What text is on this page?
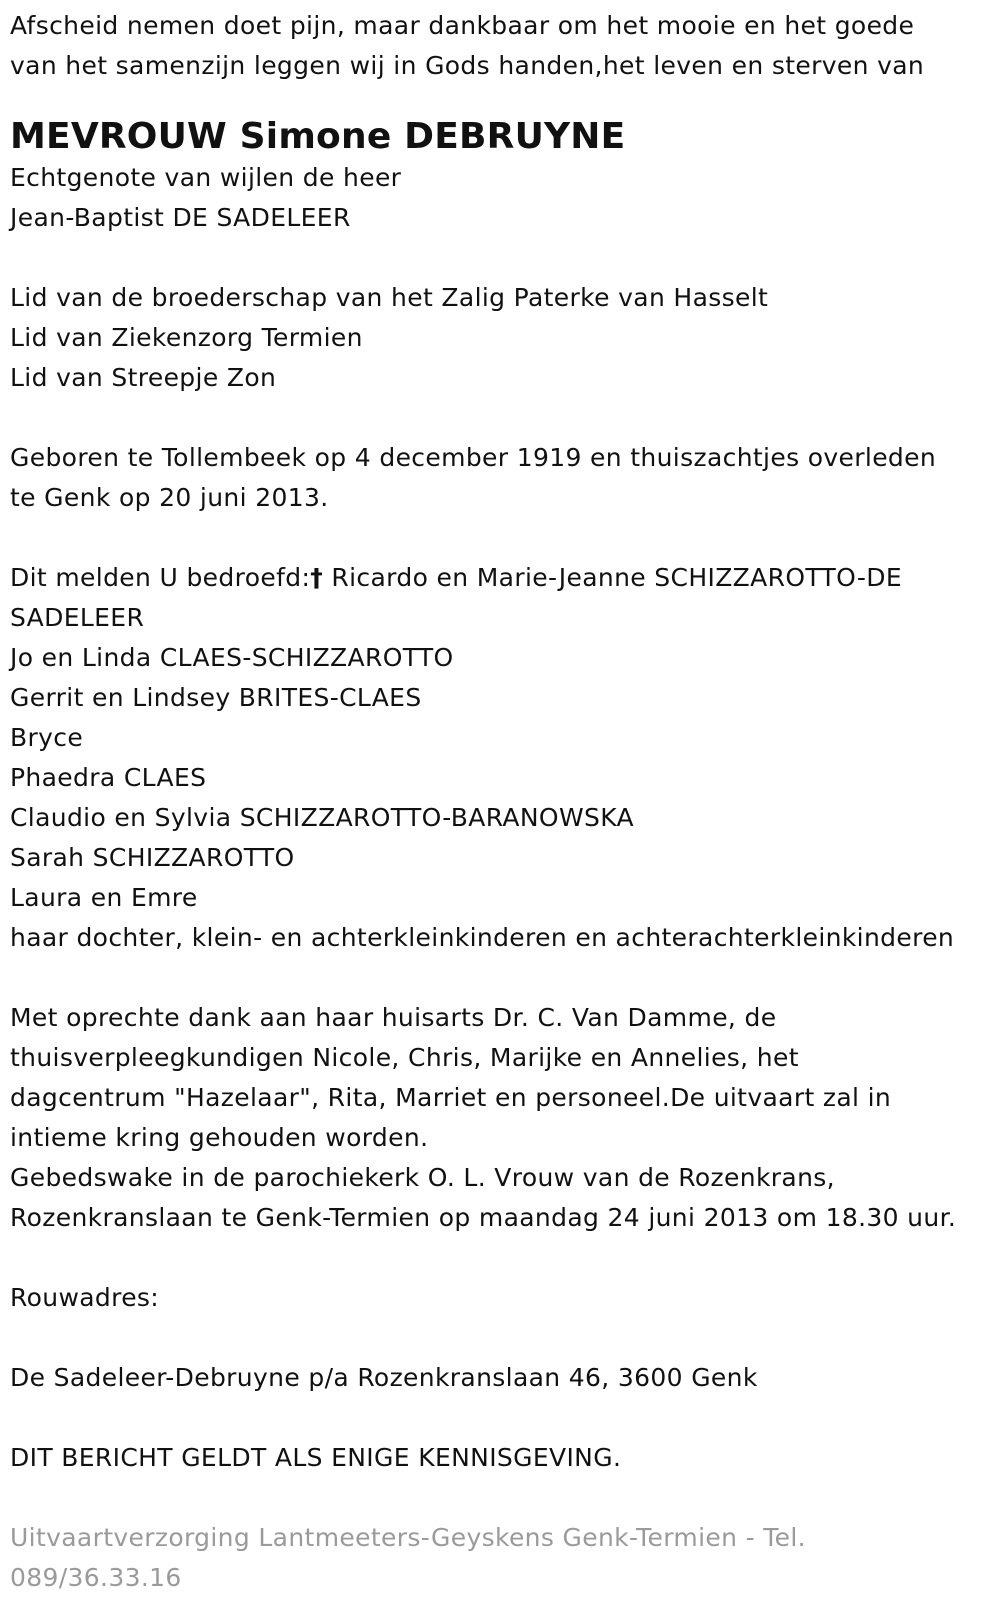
Afscheid nemen doet pijn, maar dankbaar om het mooie en het goede
van het samenzijn leggen wij in Gods handen,het leven en sterven van
MEVROUW Simone DEBRUYNE
Echtgenote van wijlen de heer
Jean-Baptist DE SADELEER
Lid van de broederschap van het Zalig Paterke van Hasselt
Lid van Ziekenzorg Termien
Lid van Streepje Zon
Geboren te Tollembeek op 4 december 1919 en thuiszachtjes overleden
te Genk op 20 juni 2013.
Dit melden U bedroefd:† Ricardo en Marie-Jeanne SCHIZZAROTTO-DE
SADELEER
Jo en Linda CLAES-SCHIZZAROTTO
Gerrit en Lindsey BRITES-CLAES
Bryce
Phaedra CLAES
Claudio en Sylvia SCHIZZAROTTO-BARANOWSKA
Sarah SCHIZZAROTTO
Laura en Emre
haar dochter, klein- en achterkleinkinderen en achterachterkleinkinderen
Met oprechte dank aan haar huisarts Dr. C. Van Damme, de
thuisverpleegkundigen Nicole, Chris, Marijke en Annelies, het
dagcentrum "Hazelaar", Rita, Marriet en personeel.De uitvaart zal in
intieme kring gehouden worden.
Gebedswake in de parochiekerk O. L. Vrouw van de Rozenkrans,
Rozenkranslaan te Genk-Termien op maandag 24 juni 2013 om 18.30 uur.
Rouwadres:
De Sadeleer-Debruyne p/a Rozenkranslaan 46, 3600 Genk
DIT BERICHT GELDT ALS ENIGE KENNISGEVING.
Uitvaartverzorging Lantmeeters-Geyskens Genk-Termien - Tel.
089/36.33.16
